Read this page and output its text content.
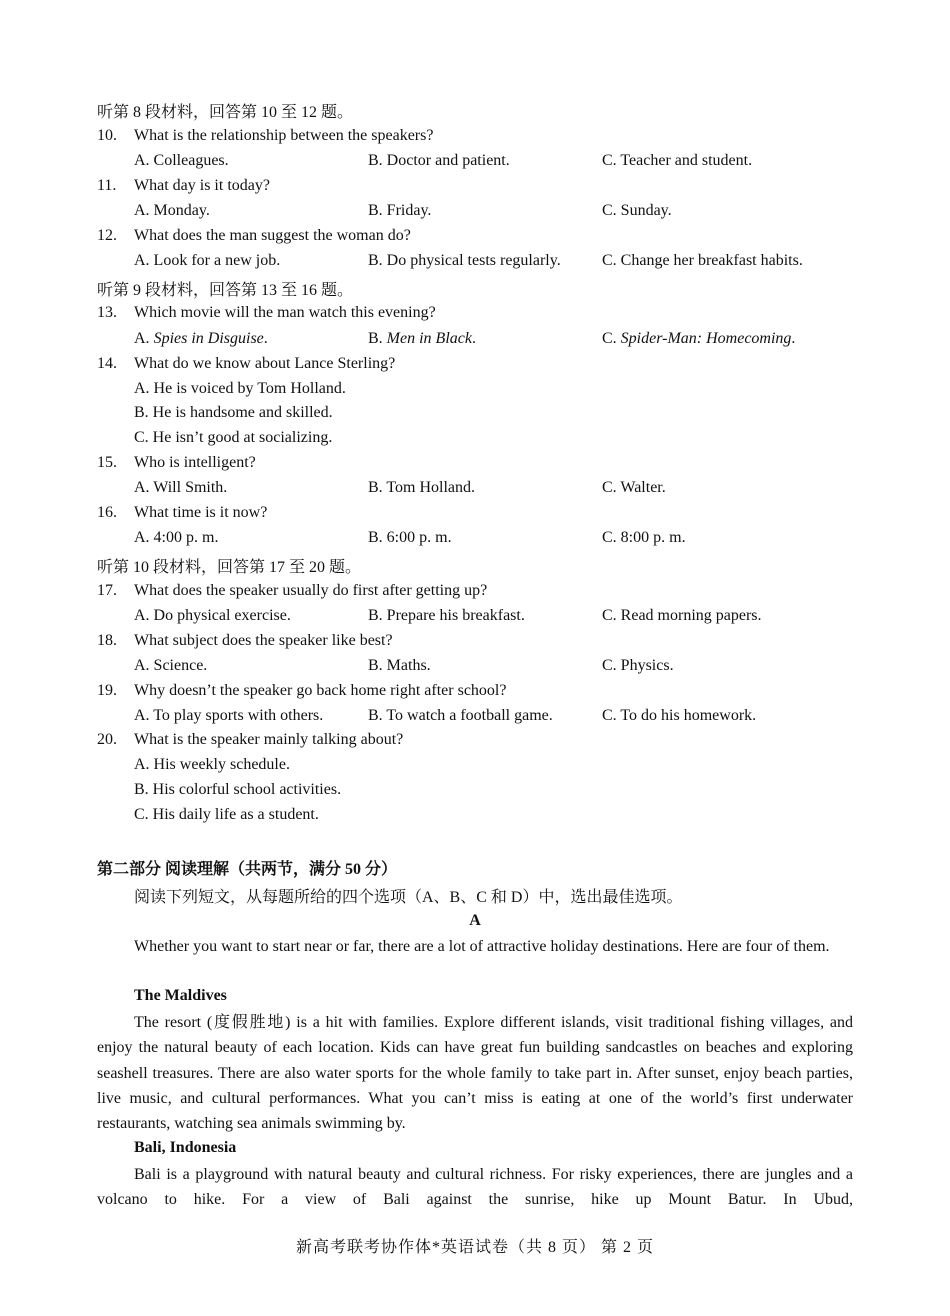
听第 8 段材料，回答第 10 至 12 题。
10. What is the relationship between the speakers?
A. Colleagues.	B. Doctor and patient.	C. Teacher and student.
11. What day is it today?
A. Monday.	B. Friday.	C. Sunday.
12. What does the man suggest the woman do?
A. Look for a new job.	B. Do physical tests regularly.	C. Change her breakfast habits.
听第 9 段材料，回答第 13 至 16 题。
13. Which movie will the man watch this evening?
A. Spies in Disguise.	B. Men in Black.	C. Spider-Man: Homecoming.
14. What do we know about Lance Sterling?
A. He is voiced by Tom Holland.
B. He is handsome and skilled.
C. He isn’t good at socializing.
15. Who is intelligent?
A. Will Smith.	B. Tom Holland.	C. Walter.
16. What time is it now?
A. 4:00 p. m.	B. 6:00 p. m.	C. 8:00 p. m.
听第 10 段材料，回答第 17 至 20 题。
17. What does the speaker usually do first after getting up?
A. Do physical exercise.	B. Prepare his breakfast.	C. Read morning papers.
18. What subject does the speaker like best?
A. Science.	B. Maths.	C. Physics.
19. Why doesn’t the speaker go back home right after school?
A. To play sports with others.	B. To watch a football game.	C. To do his homework.
20. What is the speaker mainly talking about?
A. His weekly schedule.
B. His colorful school activities.
C. His daily life as a student.
第二部分 阅读理解（共两节，满分 50 分）
阅读下列短文，从每题所给的四个选项（A、B、C 和 D）中，选出最佳选项。
A

Whether you want to start near or far, there are a lot of attractive holiday destinations. Here are four of them.

The Maldives

The resort (度假胜地) is a hit with families. Explore different islands, visit traditional fishing villages, and enjoy the natural beauty of each location. Kids can have great fun building sandcastles on beaches and exploring seashell treasures. There are also water sports for the whole family to take part in. After sunset, enjoy beach parties, live music, and cultural performances. What you can’t miss is eating at one of the world’s first underwater restaurants, watching sea animals swimming by.

Bali, Indonesia

Bali is a playground with natural beauty and cultural richness. For risky experiences, there are jungles and a volcano to hike. For a view of Bali against the sunrise, hike up Mount Batur. In Ubud,

新高考联考协作体*英语试卷（共 8 页） 第 2 页
